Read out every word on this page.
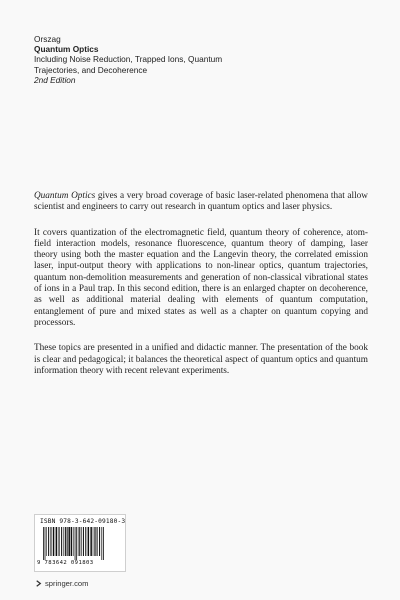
Orszag
Quantum Optics
Including Noise Reduction, Trapped Ions, Quantum
Trajectories, and Decoherence
2nd Edition

Quantum Optics gives a very broad coverage of basic laser-related phenomena that allow scientist and engineers to carry out research in quantum optics and laser physics.

It covers quantization of the electromagnetic field, quantum theory of coherence, atom-field interaction models, resonance fluorescence, quantum theory of damping, laser theory using both the master equation and the Langevin theory, the correlated emission laser, input-output theory with applications to non-linear optics, quantum trajectories, quantum non-demolition measurements and generation of non-classical vibrational states of ions in a Paul trap. In this second edition, there is an enlarged chapter on decoherence, as well as additional material dealing with elements of quantum computation, entanglement of pure and mixed states as well as a chapter on quantum copying and processors.

These topics are presented in a unified and didactic manner. The presentation of the book is clear and pedagogical; it balances the theoretical aspect of quantum optics and quantum information theory with recent relevant experiments.

ISBN 978-3-642-09180-3
9 783642 091803
springer.com
